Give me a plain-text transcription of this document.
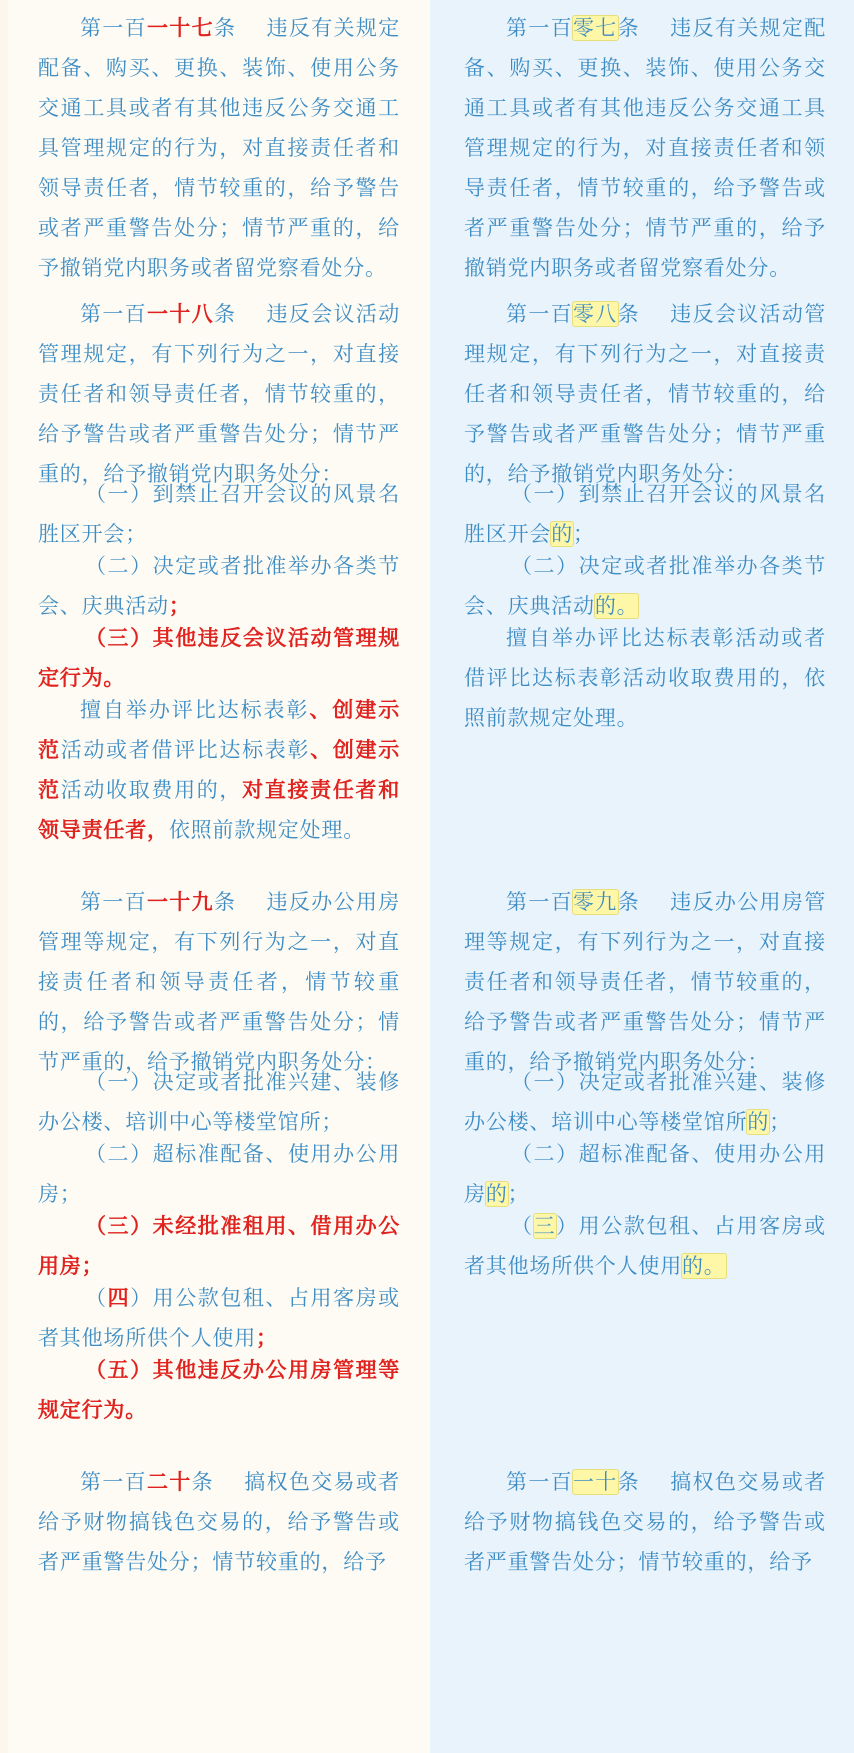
第一百一十七条　 违反有关规定配备、购买、更换、装饰、使用公务交通工具或者有其他违反公务交通工具管理规定的行为，对直接责任者和领导责任者，情节较重的，给予警告或者严重警告处分；情节严重的，给予撤销党内职务或者留党察看处分。

第一百一十八条　 违反会议活动管理规定，有下列行为之一，对直接责任者和领导责任者，情节较重的，给予警告或者严重警告处分；情节严重的，给予撤销党内职务处分：

（一）到禁止召开会议的风景名胜区开会；

（二）决定或者批准举办各类节会、庆典活动；

（三）其他违反会议活动管理规定行为。

擅自举办评比达标表彰、创建示范活动或者借评比达标表彰、创建示范活动收取费用的，对直接责任者和领导责任者，依照前款规定处理。

第一百一十九条　 违反办公用房管理等规定，有下列行为之一，对直接责任者和领导责任者，情节较重的，给予警告或者严重警告处分；情节严重的，给予撤销党内职务处分：

（一）决定或者批准兴建、装修办公楼、培训中心等楼堂馆所；

（二）超标准配备、使用办公用房；

（三）未经批准租用、借用办公用房；

（四）用公款包租、占用客房或者其他场所供个人使用；

（五）其他违反办公用房管理等规定行为。

第一百二十条　 搞权色交易或者给予财物搞钱色交易的，给予警告或者严重警告处分；情节较重的，给予

第一百零七条　 违反有关规定配备、购买、更换、装饰、使用公务交通工具或者有其他违反公务交通工具管理规定的行为，对直接责任者和领导责任者，情节较重的，给予警告或者严重警告处分；情节严重的，给予撤销党内职务或者留党察看处分。

第一百零八条　 违反会议活动管理规定，有下列行为之一，对直接责任者和领导责任者，情节较重的，给予警告或者严重警告处分；情节严重的，给予撤销党内职务处分：

（一）到禁止召开会议的风景名胜区开会的；

（二）决定或者批准举办各类节会、庆典活动的。

擅自举办评比达标表彰活动或者借评比达标表彰活动收取费用的，依照前款规定处理。

第一百零九条　 违反办公用房管理等规定，有下列行为之一，对直接责任者和领导责任者，情节较重的，给予警告或者严重警告处分；情节严重的，给予撤销党内职务处分：

（一）决定或者批准兴建、装修办公楼、培训中心等楼堂馆所的；

（二）超标准配备、使用办公用房的；

（三）用公款包租、占用客房或者其他场所供个人使用的。

第一百一十条　 搞权色交易或者给予财物搞钱色交易的，给予警告或者严重警告处分；情节较重的，给予
